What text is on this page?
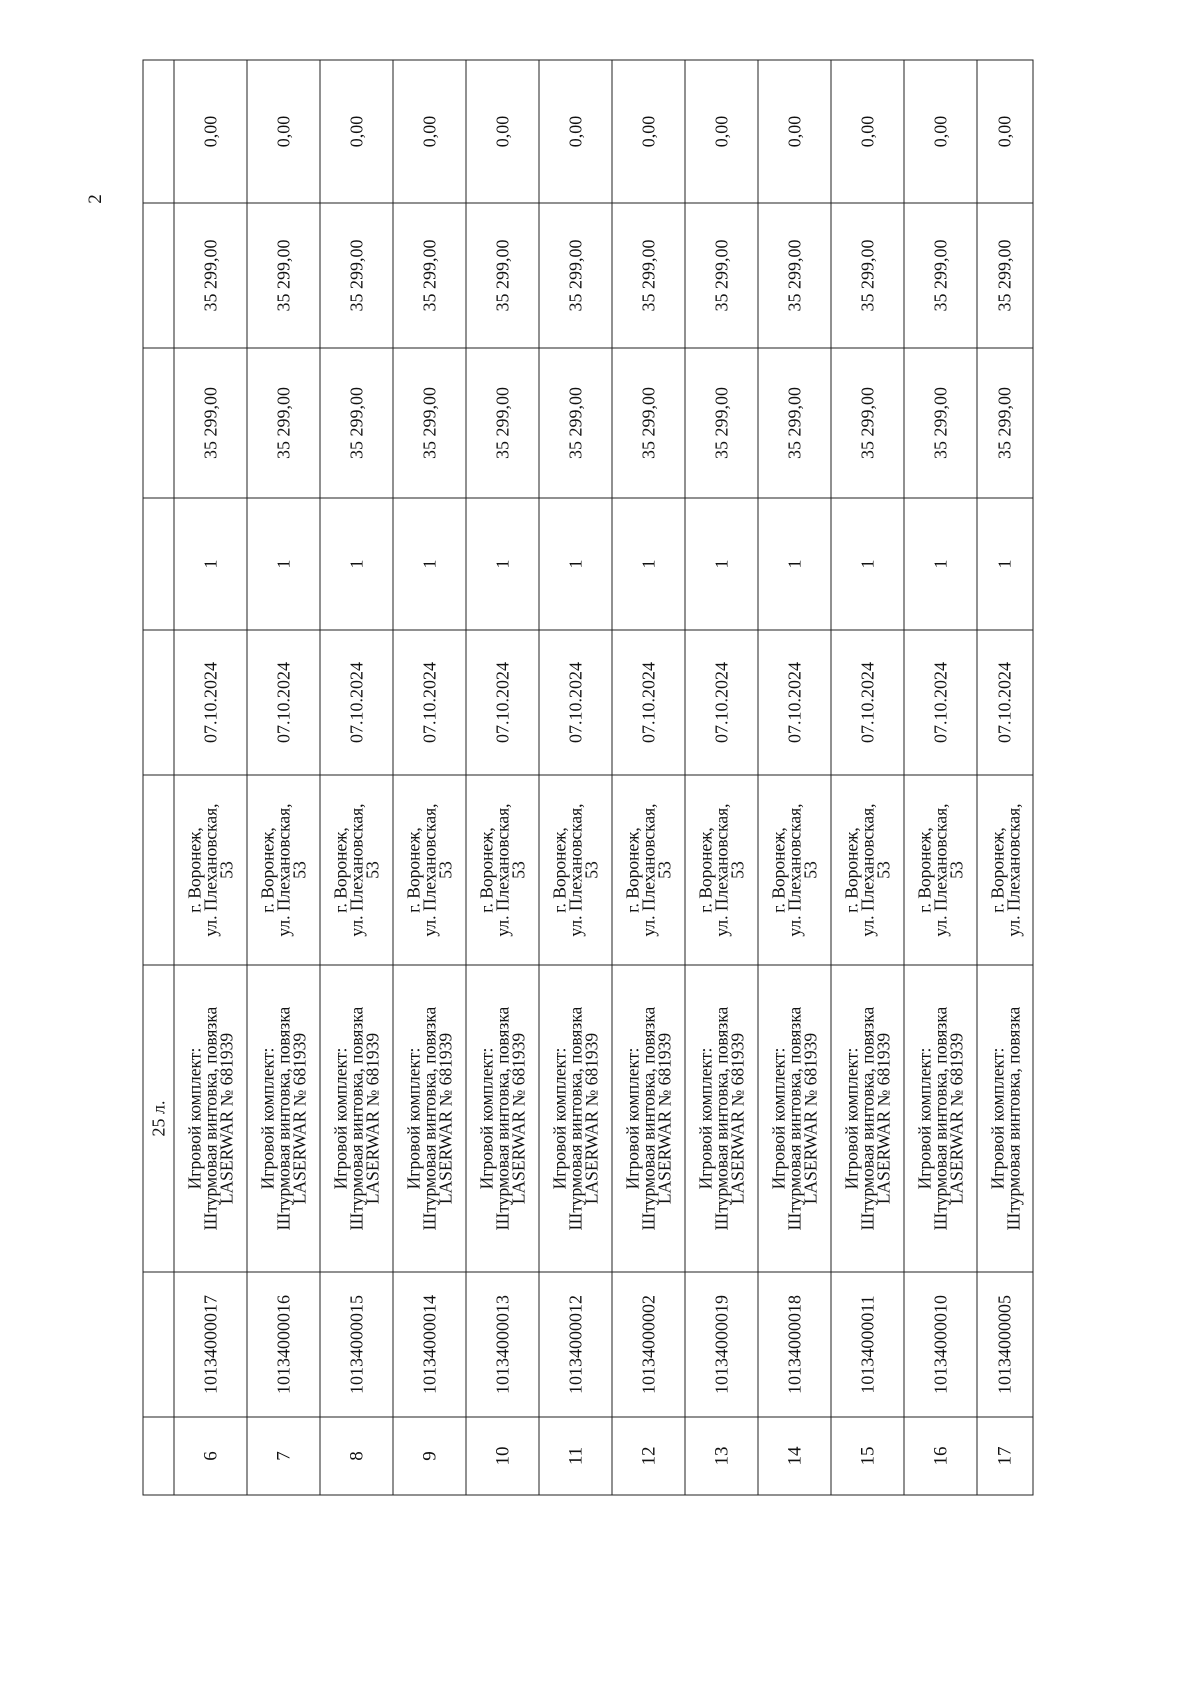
2
		25 л.						
6	10134000017	Игровой комплект:
Штурмовая винтовка, повязка
LASERWAR № 681939	г. Воронеж,
ул. Плехановская,
53	07.10.2024	1	35 299,00	35 299,00	0,00
7	10134000016	Игровой комплект:
Штурмовая винтовка, повязка
LASERWAR № 681939	г. Воронеж,
ул. Плехановская,
53	07.10.2024	1	35 299,00	35 299,00	0,00
8	10134000015	Игровой комплект:
Штурмовая винтовка, повязка
LASERWAR № 681939	г. Воронеж,
ул. Плехановская,
53	07.10.2024	1	35 299,00	35 299,00	0,00
9	10134000014	Игровой комплект:
Штурмовая винтовка, повязка
LASERWAR № 681939	г. Воронеж,
ул. Плехановская,
53	07.10.2024	1	35 299,00	35 299,00	0,00
10	10134000013	Игровой комплект:
Штурмовая винтовка, повязка
LASERWAR № 681939	г. Воронеж,
ул. Плехановская,
53	07.10.2024	1	35 299,00	35 299,00	0,00
11	10134000012	Игровой комплект:
Штурмовая винтовка, повязка
LASERWAR № 681939	г. Воронеж,
ул. Плехановская,
53	07.10.2024	1	35 299,00	35 299,00	0,00
12	10134000002	Игровой комплект:
Штурмовая винтовка, повязка
LASERWAR № 681939	г. Воронеж,
ул. Плехановская,
53	07.10.2024	1	35 299,00	35 299,00	0,00
13	10134000019	Игровой комплект:
Штурмовая винтовка, повязка
LASERWAR № 681939	г. Воронеж,
ул. Плехановская,
53	07.10.2024	1	35 299,00	35 299,00	0,00
14	10134000018	Игровой комплект:
Штурмовая винтовка, повязка
LASERWAR № 681939	г. Воронеж,
ул. Плехановская,
53	07.10.2024	1	35 299,00	35 299,00	0,00
15	10134000011	Игровой комплект:
Штурмовая винтовка, повязка
LASERWAR № 681939	г. Воронеж,
ул. Плехановская,
53	07.10.2024	1	35 299,00	35 299,00	0,00
16	10134000010	Игровой комплект:
Штурмовая винтовка, повязка
LASERWAR № 681939	г. Воронеж,
ул. Плехановская,
53	07.10.2024	1	35 299,00	35 299,00	0,00
17	10134000005	Игровой комплект:
Штурмовая винтовка, повязка	г. Воронеж,
ул. Плехановская,	07.10.2024	1	35 299,00	35 299,00	0,00
